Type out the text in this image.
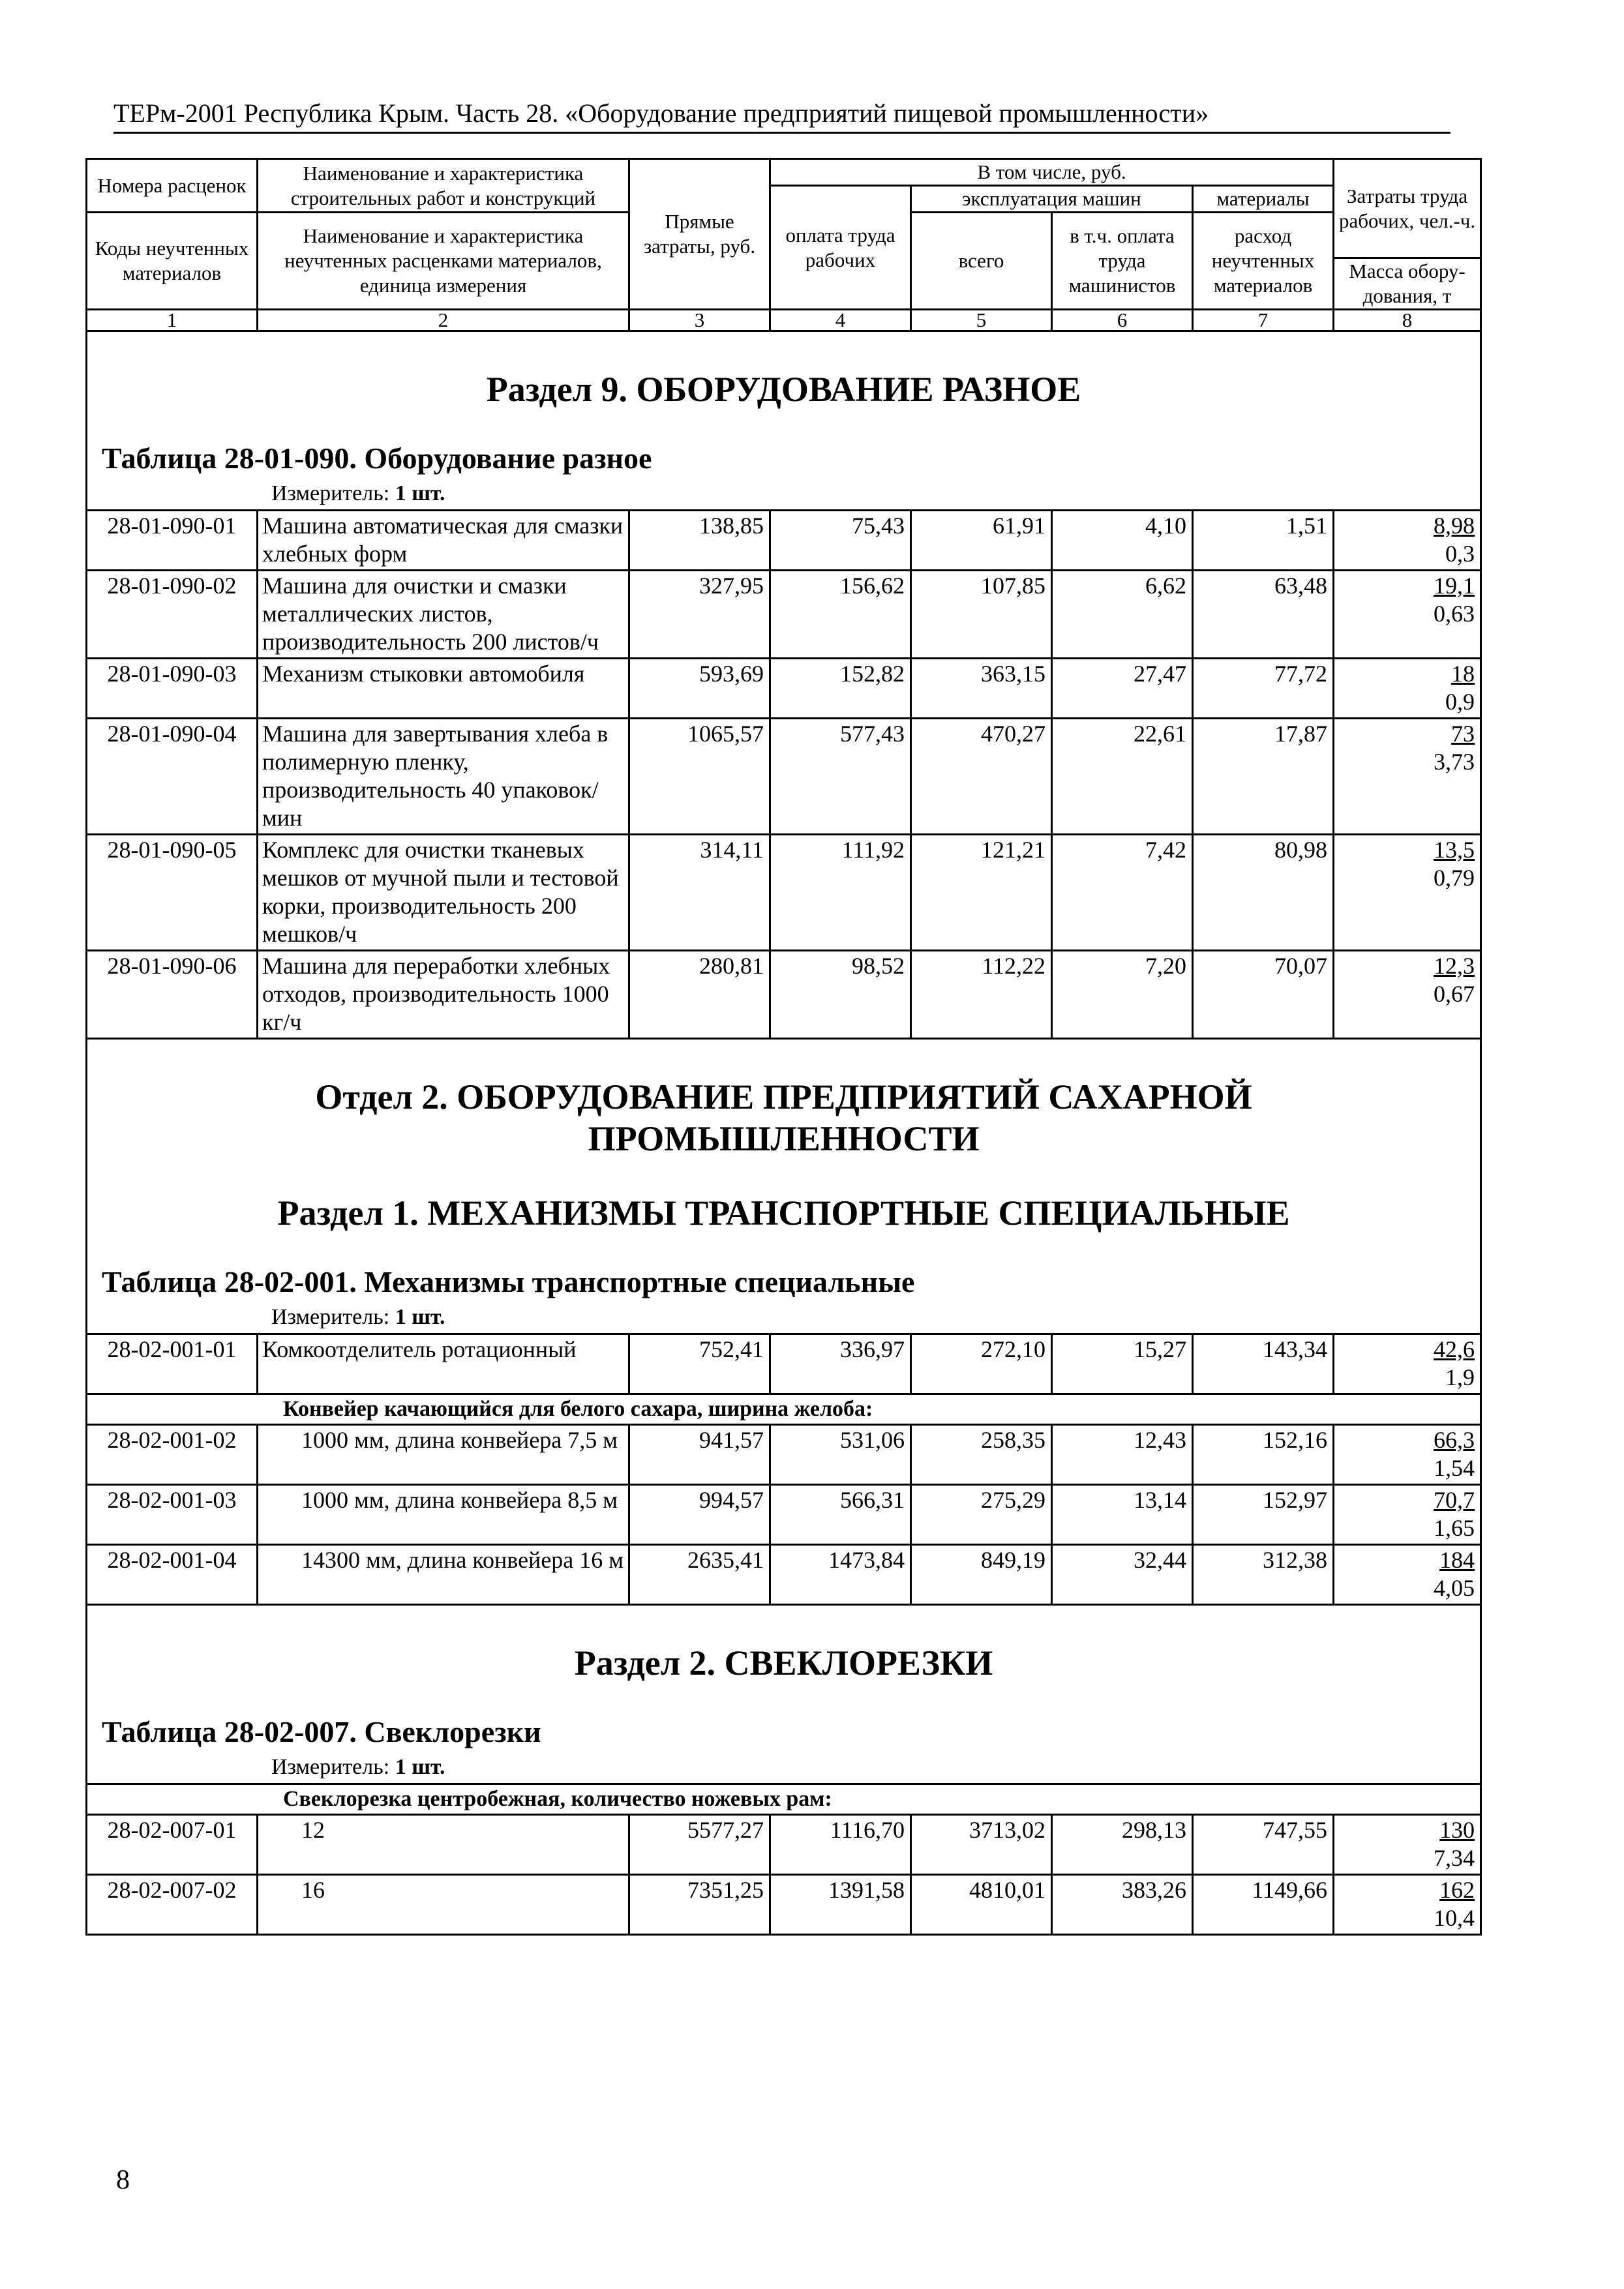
ТЕРм-2001 Республика Крым. Часть 28. «Оборудование предприятий пищевой промышленности»
Номера расценок	Наименование и характеристика строительных работ и конструкций	Прямые затраты, руб.	В том числе, руб.				Затраты труда рабочих, чел.-ч.
			оплата труда рабочих	эксплуатация машин		материалы	
Коды неучтенных материалов	Наименование и характеристика неучтенных расценками материалов, единица измерения			всего	в т.ч. оплата труда машинистов	расход неучтенных материалов	
							Масса обору-дования, т
1	2	3	4	5	6	7	8

Раздел 9. ОБОРУДОВАНИЕ РАЗНОЕ
Таблица 28-01-090. Оборудование разное
Измеритель: 1 шт.							

28-01-090-01	Машина автоматическая для смазки хлебных форм	138,85	75,43	61,91	4,10	1,51	8,98
0,3
28-01-090-02	Машина для очистки и смазки металлических листов, производительность 200 листов/ч	327,95	156,62	107,85	6,62	63,48	19,1
0,63
28-01-090-03	Механизм стыковки автомобиля	593,69	152,82	363,15	27,47	77,72	18
0,9
28-01-090-04	Машина для завертывания хлеба в полимерную пленку, производительность 40 упаковок/мин	1065,57	577,43	470,27	22,61	17,87	73
3,73
28-01-090-05	Комплекс для очистки тканевых мешков от мучной пыли и тестовой корки, производительность 200 мешков/ч	314,11	111,92	121,21	7,42	80,98	13,5
0,79
28-01-090-06	Машина для переработки хлебных отходов, производительность 1000 кг/ч	280,81	98,52	112,22	7,20	70,07	12,3
0,67

Отдел 2. ОБОРУДОВАНИЕ ПРЕДПРИЯТИЙ САХАРНОЙ ПРОМЫШЛЕННОСТИ
Раздел 1. МЕХАНИЗМЫ ТРАНСПОРТНЫЕ СПЕЦИАЛЬНЫЕ
Таблица 28-02-001. Механизмы транспортные специальные
Измеритель: 1 шт.							

28-02-001-01	Комкоотделитель ротационный	752,41	336,97	272,10	15,27	143,34	42,6
1,9
Конвейер качающийся для белого сахара, ширина желоба:							
28-02-001-02	1000 мм, длина конвейера 7,5 м	941,57	531,06	258,35	12,43	152,16	66,3
1,54
28-02-001-03	1000 мм, длина конвейера 8,5 м	994,57	566,31	275,29	13,14	152,97	70,7
1,65
28-02-001-04	14300 мм, длина конвейера 16 м	2635,41	1473,84	849,19	32,44	312,38	184
4,05

Раздел 2. СВЕКЛОРЕЗКИ
Таблица 28-02-007. Свеклорезки
Измеритель: 1 шт.							

Свеклорезка центробежная, количество ножевых рам:							
28-02-007-01	12	5577,27	1116,70	3713,02	298,13	747,55	130
7,34
28-02-007-02	16	7351,25	1391,58	4810,01	383,26	1149,66	162
10,4
8
